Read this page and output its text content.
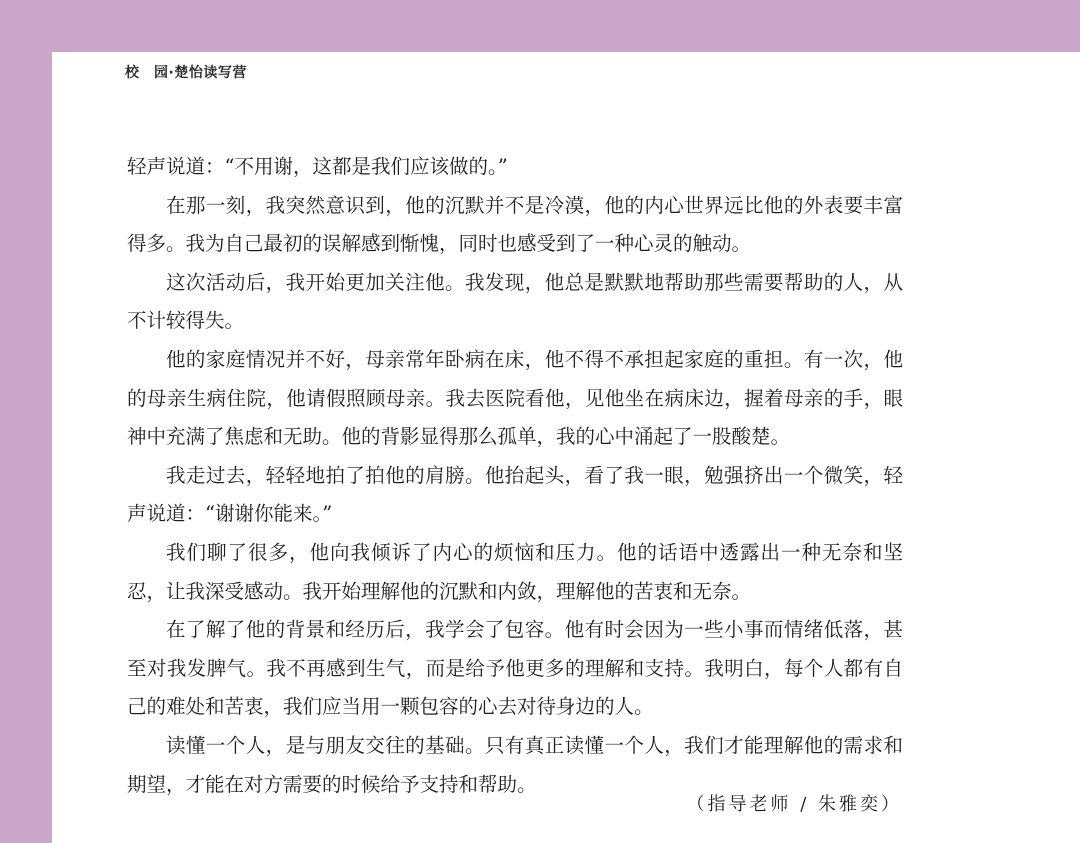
校　园·楚怡读写营

轻声说道：“不用谢，这都是我们应该做的。”

在那一刻，我突然意识到，他的沉默并不是冷漠，他的内心世界远比他的外表要丰富得多。我为自己最初的误解感到惭愧，同时也感受到了一种心灵的触动。

这次活动后，我开始更加关注他。我发现，他总是默默地帮助那些需要帮助的人，从不计较得失。

他的家庭情况并不好，母亲常年卧病在床，他不得不承担起家庭的重担。有一次，他的母亲生病住院，他请假照顾母亲。我去医院看他，见他坐在病床边，握着母亲的手，眼神中充满了焦虑和无助。他的背影显得那么孤单，我的心中涌起了一股酸楚。

我走过去，轻轻地拍了拍他的肩膀。他抬起头，看了我一眼，勉强挤出一个微笑，轻声说道：“谢谢你能来。”

我们聊了很多，他向我倾诉了内心的烦恼和压力。他的话语中透露出一种无奈和坚忍，让我深受感动。我开始理解他的沉默和内敛，理解他的苦衷和无奈。

在了解了他的背景和经历后，我学会了包容。他有时会因为一些小事而情绪低落，甚至对我发脾气。我不再感到生气，而是给予他更多的理解和支持。我明白，每个人都有自己的难处和苦衷，我们应当用一颗包容的心去对待身边的人。

读懂一个人，是与朋友交往的基础。只有真正读懂一个人，我们才能理解他的需求和期望，才能在对方需要的时候给予支持和帮助。

（指导老师 / 朱雅奕）
